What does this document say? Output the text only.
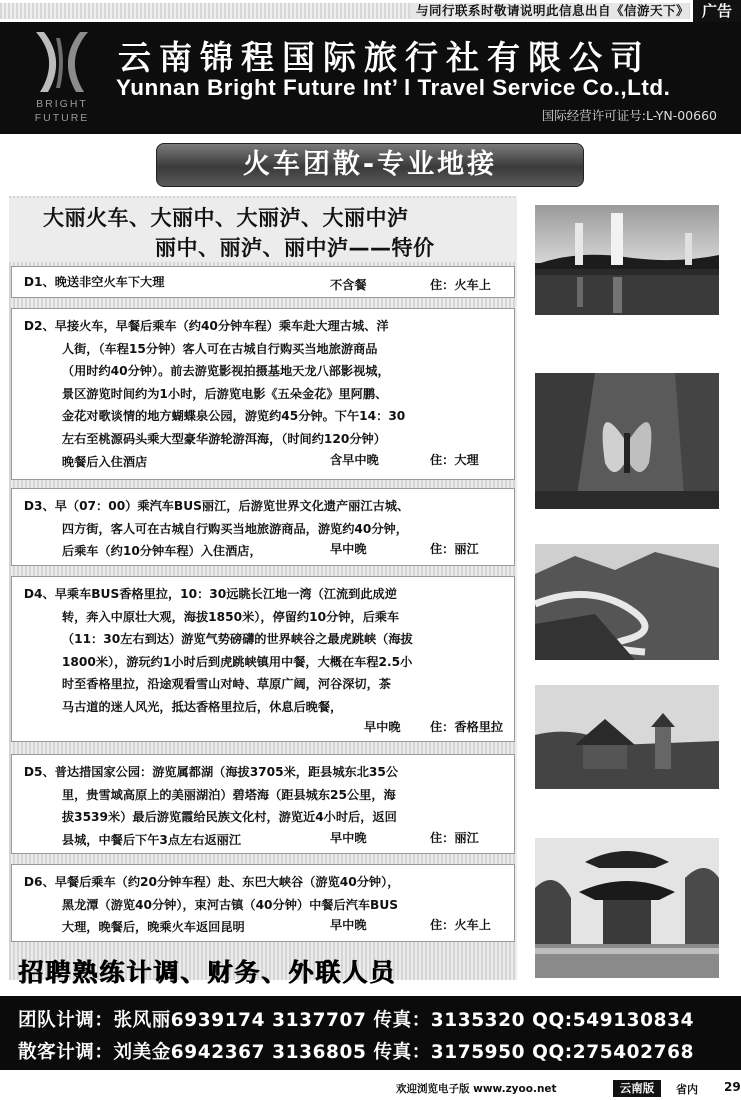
与同行联系时敬请说明此信息出自《信游天下》 广告
BRIGHT
FUTURE
云南锦程国际旅行社有限公司
Yunnan Bright Future Int’ l Travel Service Co.,Ltd.
国际经营许可证号:L-YN-00660
火车团散-专业地接
大丽火车、大丽中、大丽泸、大丽中泸
丽中、丽泸、丽中泸——特价
D1、晚送非空火车下大理	不含餐	住：火车上
D2、早接火车，早餐后乘车（约40分钟车程）乘车赴大理古城、洋
人街，（车程15分钟）客人可在古城自行购买当地旅游商品
（用时约40分钟）。前去游览影视拍摄基地天龙八部影视城，
景区游览时间约为1小时，后游览电影《五朵金花》里阿鹏、
金花对歌谈情的地方蝴蝶泉公园，游览约45分钟。下午14：30
左右至桃源码头乘大型豪华游轮游洱海，（时间约120分钟）
晚餐后入住酒店	含早中晚	住：大理
D3、早（07：00）乘汽车BUS丽江，后游览世界文化遗产丽江古城、
四方街，客人可在古城自行购买当地旅游商品，游览约40分钟，
后乘车（约10分钟车程）入住酒店，	早中晚	住：丽江
D4、早乘车BUS香格里拉，10：30远眺长江地一湾（江流到此成逆
转，奔入中原壮大观，海拔1850米），停留约10分钟，后乘车
（11：30左右到达）游览气势磅礴的世界峡谷之最虎跳峡（海拔
1800米），游玩约1小时后到虎跳峡镇用中餐，大概在车程2.5小
时至香格里拉，沿途观看雪山对峙、草原广阔，河谷深切，茶
马古道的迷人风光，抵达香格里拉后，休息后晚餐，
早中晚 住：香格里拉
D5、普达措国家公园：游览属都湖（海拔3705米，距县城东北35公
里，贵雪域高原上的美丽湖泊）碧塔海（距县城东25公里，海
拔3539米）最后游览霞给民族文化村，游览近4小时后，返回
县城，中餐后下午3点左右返丽江	早中晚	住：丽江
D6、早餐后乘车（约20分钟车程）赴、东巴大峡谷（游览40分钟），
黑龙潭（游览40分钟），束河古镇（40分钟）中餐后汽车BUS
大理，晚餐后，晚乘火车返回昆明	早中晚	住：火车上
招聘熟练计调、财务、外联人员
团队计调：张风丽6939174 3137707 传真：3135320 QQ:549130834
散客计调：刘美金6942367 3136805 传真：3175950 QQ:275402768
欢迎浏览电子版 www.zyoo.net	云南版	省内 29
